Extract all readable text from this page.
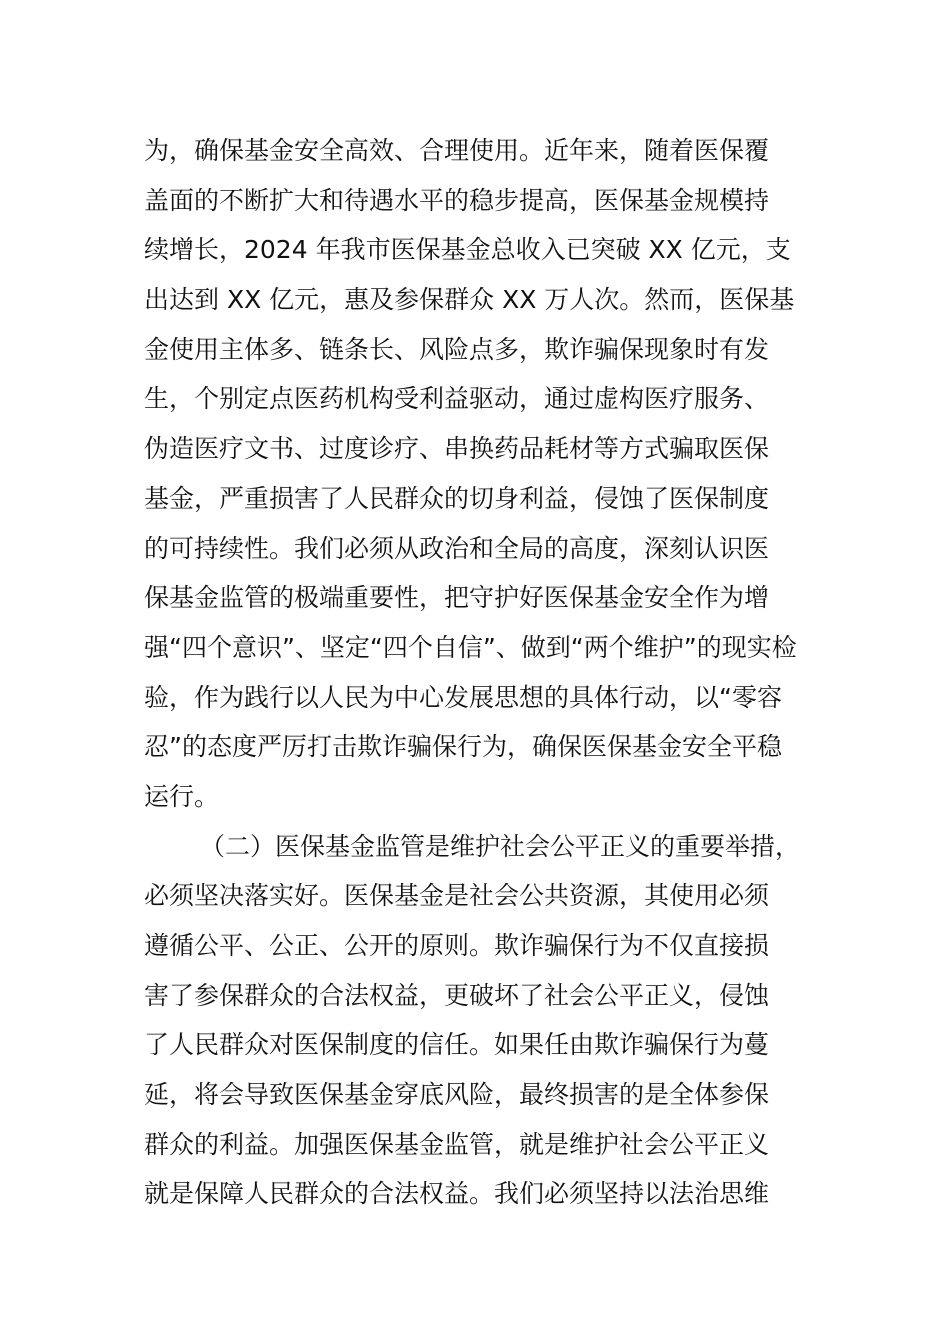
为，确保基金安全高效、合理使用。近年来，随着医保覆
盖面的不断扩大和待遇水平的稳步提高，医保基金规模持
续增长，2024 年我市医保基金总收入已突破 XX 亿元，支
出达到 XX 亿元，惠及参保群众 XX 万人次。然而，医保基
金使用主体多、链条长、风险点多，欺诈骗保现象时有发
生，个别定点医药机构受利益驱动，通过虚构医疗服务、
伪造医疗文书、过度诊疗、串换药品耗材等方式骗取医保
基金，严重损害了人民群众的切身利益，侵蚀了医保制度
的可持续性。我们必须从政治和全局的高度，深刻认识医
保基金监管的极端重要性，把守护好医保基金安全作为增
强“四个意识”、坚定“四个自信”、做到“两个维护”的现实检
验，作为践行以人民为中心发展思想的具体行动，以“零容
忍”的态度严厉打击欺诈骗保行为，确保医保基金安全平稳
运行。
（二）医保基金监管是维护社会公平正义的重要举措，
必须坚决落实好。医保基金是社会公共资源，其使用必须
遵循公平、公正、公开的原则。欺诈骗保行为不仅直接损
害了参保群众的合法权益，更破坏了社会公平正义，侵蚀
了人民群众对医保制度的信任。如果任由欺诈骗保行为蔓
延，将会导致医保基金穿底风险，最终损害的是全体参保
群众的利益。加强医保基金监管，就是维护社会公平正义
就是保障人民群众的合法权益。我们必须坚持以法治思维
